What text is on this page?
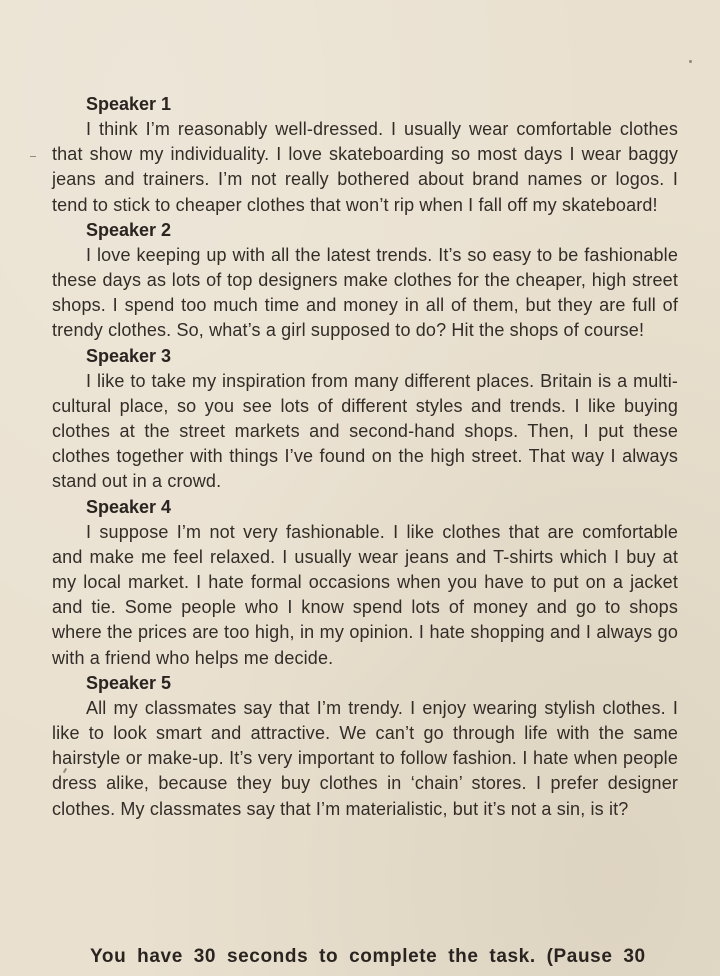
Speaker 1

I think I’m reasonably well-dressed. I usually wear comfortable clothes that show my individuality. I love skateboarding so most days I wear baggy jeans and trainers. I’m not really bothered about brand names or logos. I tend to stick to cheaper clothes that won’t rip when I fall off my skateboard!

Speaker 2

I love keeping up with all the latest trends. It’s so easy to be fashionable these days as lots of top designers make clothes for the cheaper, high street shops. I spend too much time and money in all of them, but they are full of trendy clothes. So, what’s a girl supposed to do? Hit the shops of course!

Speaker 3

I like to take my inspiration from many different places. Britain is a multi-cultural place, so you see lots of different styles and trends. I like buying clothes at the street markets and second-hand shops. Then, I put these clothes together with things I’ve found on the high street. That way I always stand out in a crowd.

Speaker 4

I suppose I’m not very fashionable. I like clothes that are comfortable and make me feel relaxed. I usually wear jeans and T-shirts which I buy at my local market. I hate formal occasions when you have to put on a jacket and tie. Some people who I know spend lots of money and go to shops where the prices are too high, in my opinion. I hate shopping and I always go with a friend who helps me decide.

Speaker 5

All my classmates say that I’m trendy. I enjoy wearing stylish clothes. I like to look smart and attractive. We can’t go through life with the same hairstyle or make-up. It’s very important to follow fashion. I hate when people dress alike, because they buy clothes in ‘chain’ stores. I prefer designer clothes. My classmates say that I’m materialistic, but it’s not a sin, is it?

You have 30 seconds to complete the task. (Pause 30
